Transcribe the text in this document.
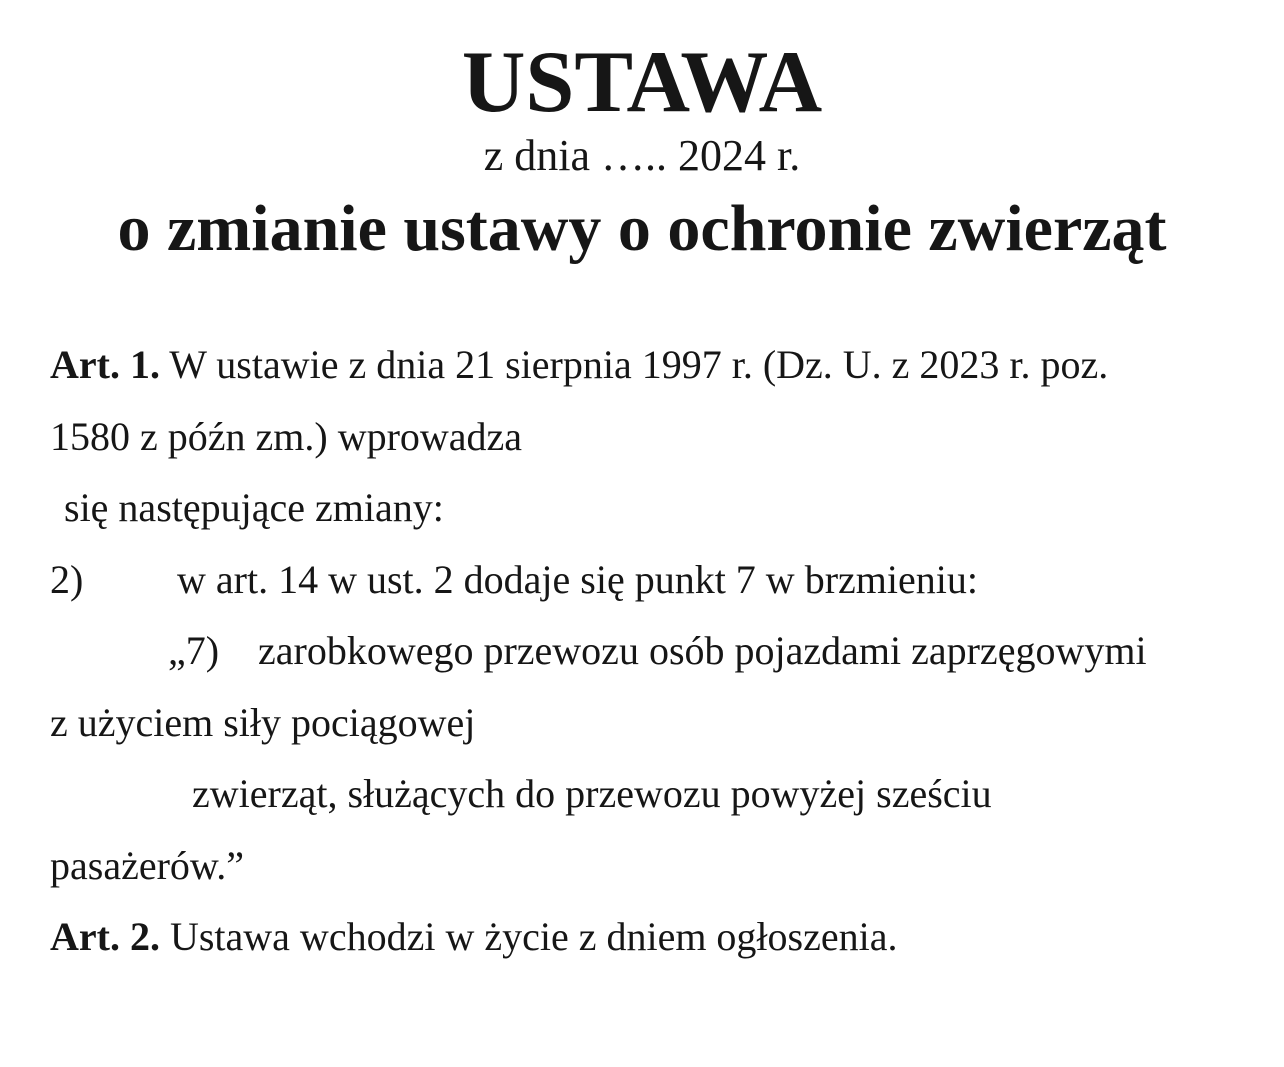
USTAWA

z dnia ….. 2024 r.

o zmianie ustawy o ochronie zwierząt

Art. 1. W ustawie z dnia 21 sierpnia 1997 r. (Dz. U. z 2023 r. poz.

1580 z późn zm.) wprowadza

się następujące zmiany:

2) w art. 14 w ust. 2 dodaje się punkt 7 w brzmieniu:

„7) zarobkowego przewozu osób pojazdami zaprzęgowymi

z użyciem siły pociągowej

zwierząt, służących do przewozu powyżej sześciu

pasażerów.”

Art. 2. Ustawa wchodzi w życie z dniem ogłoszenia.
